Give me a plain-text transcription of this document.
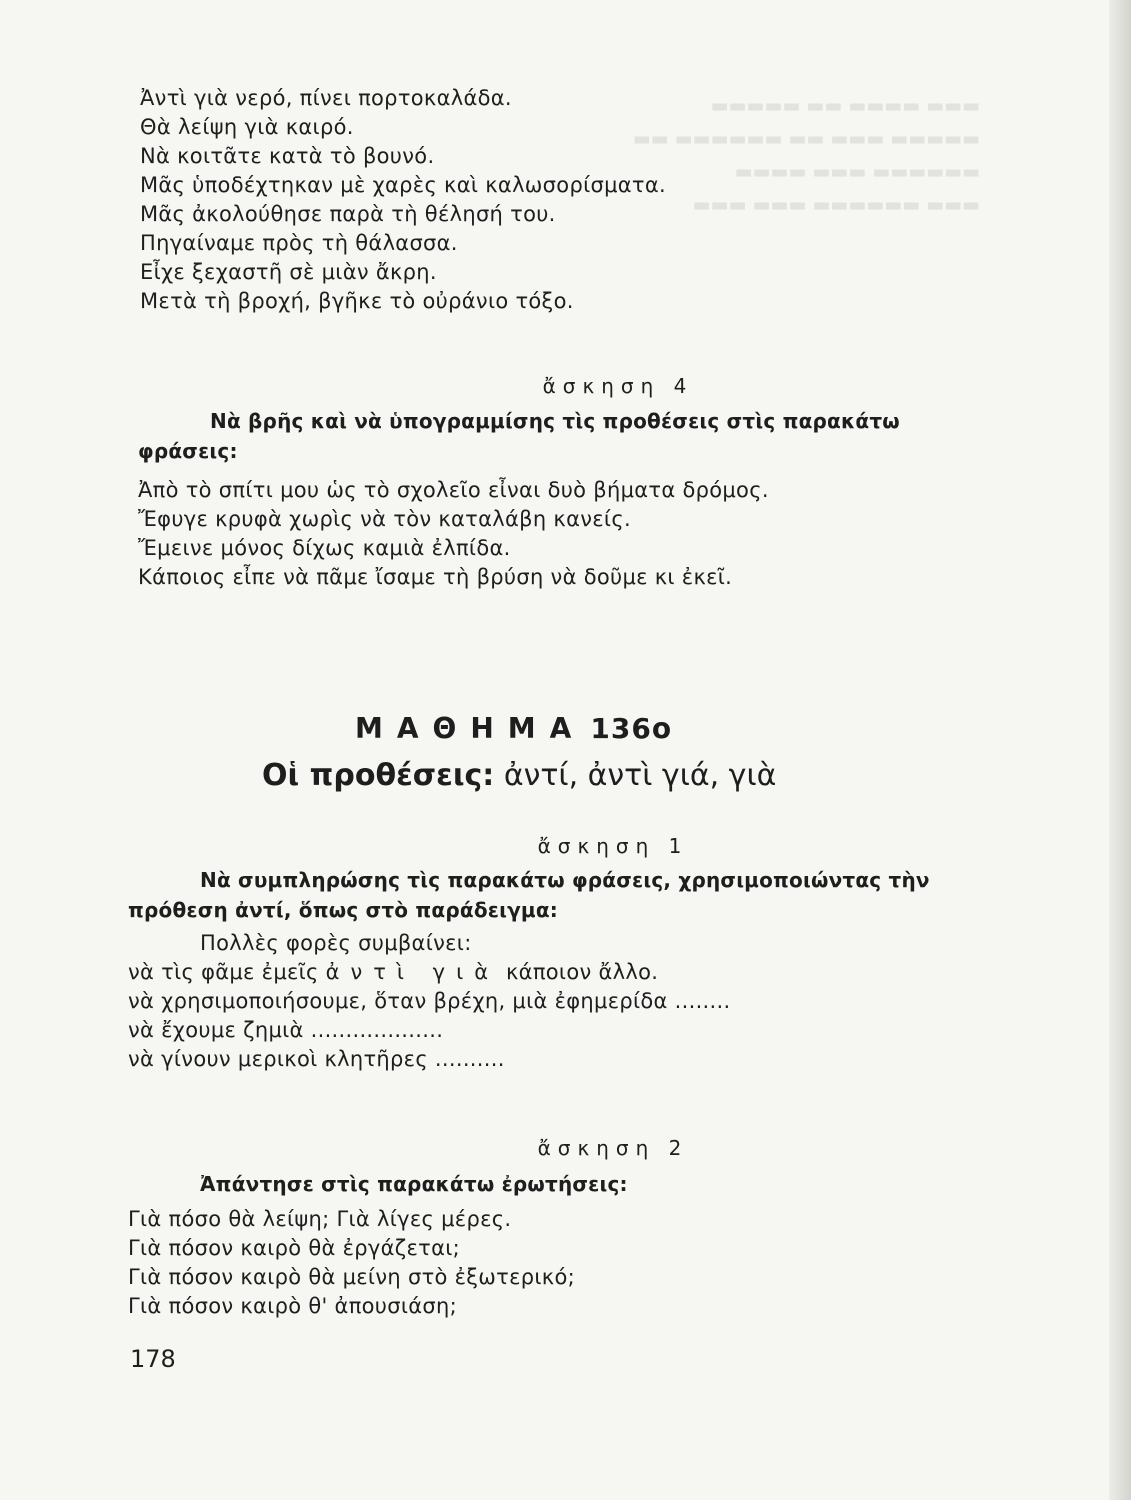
▬▬▬ ▬▬▬▬ ▬▬ ▬▬▬▬▬
▬▬▬▬▬ ▬▬▬ ▬▬ ▬▬▬▬▬▬ ▬▬
▬▬▬▬▬▬ ▬▬▬ ▬▬▬▬
▬▬▬ ▬▬▬▬▬▬ ▬▬▬ ▬▬▬
Ἀντὶ γιὰ νερό, πίνει πορτοκαλάδα.
Θὰ λείψη γιὰ καιρό.
Νὰ κοιτᾶτε κατὰ τὸ βουνό.
Μᾶς ὑποδέχτηκαν μὲ χαρὲς καὶ καλωσορίσματα.
Μᾶς ἀκολούθησε παρὰ τὴ θέλησή του.
Πηγαίναμε πρὸς τὴ θάλασσα.
Εἶχε ξεχαστῆ σὲ μιὰν ἄκρη.
Μετὰ τὴ βροχή, βγῆκε τὸ οὐράνιο τόξο.
ἄσκηση 4
Νὰ βρῆς καὶ νὰ ὑπογραμμίσης τὶς προθέσεις στὶς παρακάτω
φράσεις:
Ἀπὸ τὸ σπίτι μου ὡς τὸ σχολεῖο εἶναι δυὸ βήματα δρόμος.
Ἔφυγε κρυφὰ χωρὶς νὰ τὸν καταλάβη κανείς.
Ἔμεινε μόνος δίχως καμιὰ ἐλπίδα.
Κάποιος εἶπε νὰ πᾶμε ἴσαμε τὴ βρύση νὰ δοῦμε κι ἐκεῖ.
ΜΑΘΗΜΑ 136ο
Οἱ προθέσεις: ἀντί, ἀντὶ γιά, γιὰ
ἄσκηση 1
Νὰ συμπληρώσης τὶς παρακάτω φράσεις, χρησιμοποιώντας τὴν
πρόθεση ἀντί, ὅπως στὸ παράδειγμα:
Πολλὲς φορὲς συμβαίνει:
νὰ τὶς φᾶμε ἐμεῖς ἀντὶ γιὰ κάποιον ἄλλο.
νὰ χρησιμοποιήσουμε, ὅταν βρέχη, μιὰ ἐφημερίδα ........
νὰ ἔχουμε ζημιὰ ...................
νὰ γίνουν μερικοὶ κλητῆρες ..........
ἄσκηση 2
Ἀπάντησε στὶς παρακάτω ἐρωτήσεις:
Γιὰ πόσο θὰ λείψη; Γιὰ λίγες μέρες.
Γιὰ πόσον καιρὸ θὰ ἐργάζεται;
Γιὰ πόσον καιρὸ θὰ μείνη στὸ ἐξωτερικό;
Γιὰ πόσον καιρὸ θ' ἀπουσιάση;
178
